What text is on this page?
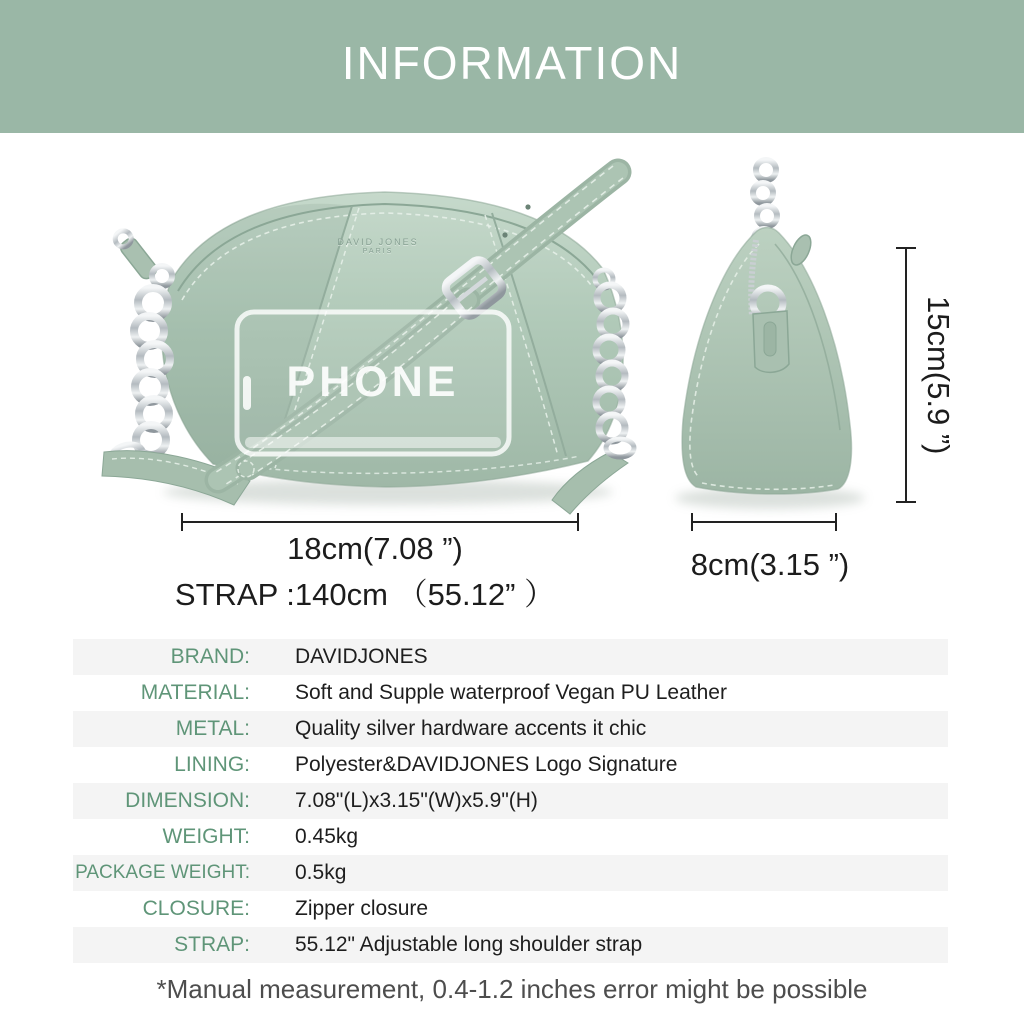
INFORMATION
DAVID JONES
PARIS
PHONE
18cm(7.08 ”)
STRAP :140cm （55.12” ）
8cm(3.15 ”)
15cm(5.9 ”)
BRAND: DAVIDJONES
MATERIAL: Soft and Supple waterproof Vegan PU Leather
METAL: Quality silver hardware accents it chic
LINING: Polyester&DAVIDJONES Logo Signature
DIMENSION: 7.08"(L)x3.15"(W)x5.9"(H)
WEIGHT: 0.45kg
PACKAGE WEIGHT: 0.5kg
CLOSURE: Zipper closure
STRAP: 55.12" Adjustable long shoulder strap
*Manual measurement, 0.4-1.2 inches error might be possible
